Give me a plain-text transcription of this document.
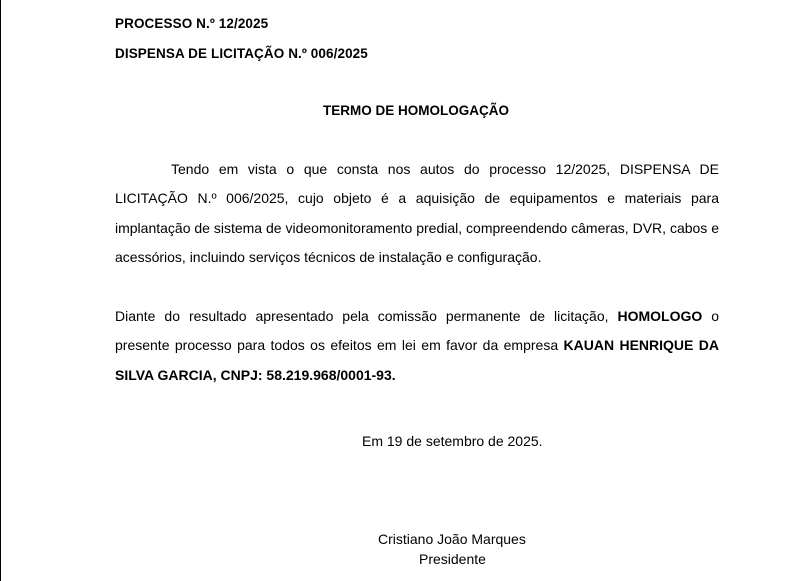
PROCESSO N.º 12/2025
DISPENSA DE LICITAÇÃO N.º 006/2025
TERMO DE HOMOLOGAÇÃO
Tendo em vista o que consta nos autos do processo 12/2025, DISPENSA DE LICITAÇÃO N.º 006/2025, cujo objeto é a aquisição de equipamentos e materiais para implantação de sistema de videomonitoramento predial, compreendendo câmeras, DVR, cabos e acessórios, incluindo serviços técnicos de instalação e configuração.
Diante do resultado apresentado pela comissão permanente de licitação, HOMOLOGO o presente processo para todos os efeitos em lei em favor da empresa KAUAN HENRIQUE DA SILVA GARCIA, CNPJ: 58.219.968/0001-93.
Em 19 de setembro de 2025.
Cristiano João Marques
Presidente
